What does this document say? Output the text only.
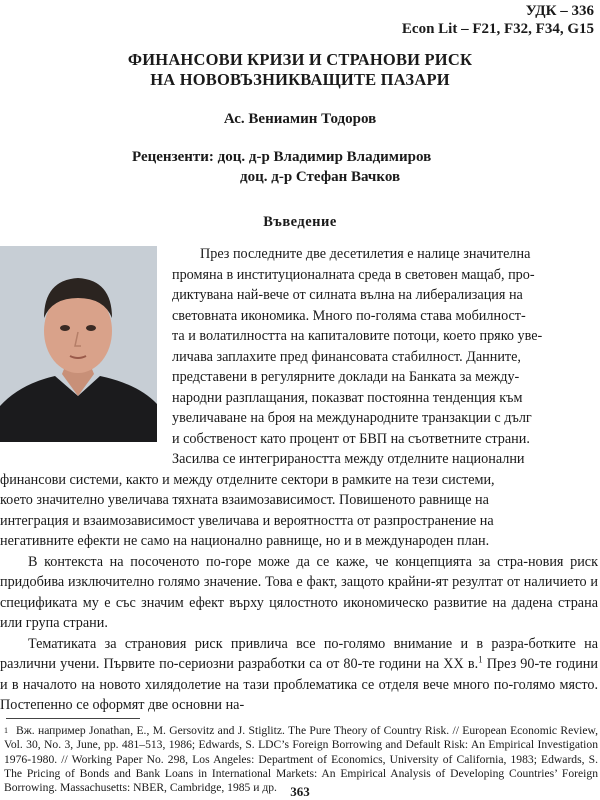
УДК – 336
Econ Lit – F21, F32, F34, G15
ФИНАНСОВИ КРИЗИ И СТРАНОВИ РИСК
НА НОВОВЪЗНИКВАЩИТЕ ПАЗАРИ
Ас. Вениамин Тодоров
Рецензенти: доц. д-р Владимир Владимиров
доц. д-р Стефан Вачков
Въведение

През последните две десетилетия е налице значителна
промяна в институционалната среда в световен мащаб, про-
диктувана най-вече от силната вълна на либерализация на
световната икономика. Много по-голяма става мобилност-
та и волатилността на капиталовите потоци, което пряко уве-
личава заплахите пред финансовата стабилност. Данните,
представени в регулярните доклади на Банката за между-
народни разплащания, показват постоянна тенденция към
увеличаване на броя на международните транзакции с дълг
и собственост като процент от БВП на съответните страни.
Засилва се интегрираността между отделните национални
финансови системи, както и между отделните сектори в рамките на тези системи,
което значително увеличава тяхната взаимозависимост. Повишеното равнище на
интеграция и взаимозависимост увеличава и вероятността от разпространение на
негативните ефекти не само на национално равнище, но и в международен план.

В контекста на посоченото по-горе може да се каже, че концепцията за стра-новия риск придобива изключително голямо значение. Това е факт, защото крайни-ят резултат от наличието и спецификата му е със значим ефект върху цялостното икономическо развитие на дадена страна или група страни.

Тематиката за страновия риск привлича все по-голямо внимание и в разра-ботките на различни учени. Първите по-сериозни разработки са от 80-те години на XX в.$^1$ През 90-те години и в началото на новото хилядолетие на тази проблематика се отделя вече много по-голямо място. Постепенно се оформят две основни на-

$^1$ Вж. например Jonathan, E., M. Gersovitz and J. Stiglitz. The Pure Theory of Country Risk. // European Economic Review, Vol. 30, No. 3, June, pp. 481–513, 1986; Edwards, S. LDC’s Foreign Borrowing and Default Risk: An Empirical Investigation 1976-1980. // Working Paper No. 298, Los Angeles: Department of Economics, University of California, 1983; Edwards, S. The Pricing of Bonds and Bank Loans in International Markets: An Empirical Analysis of Developing Countries’ Foreign Borrowing. Massachusetts: NBER, Cambridge, 1985 и др.	363
